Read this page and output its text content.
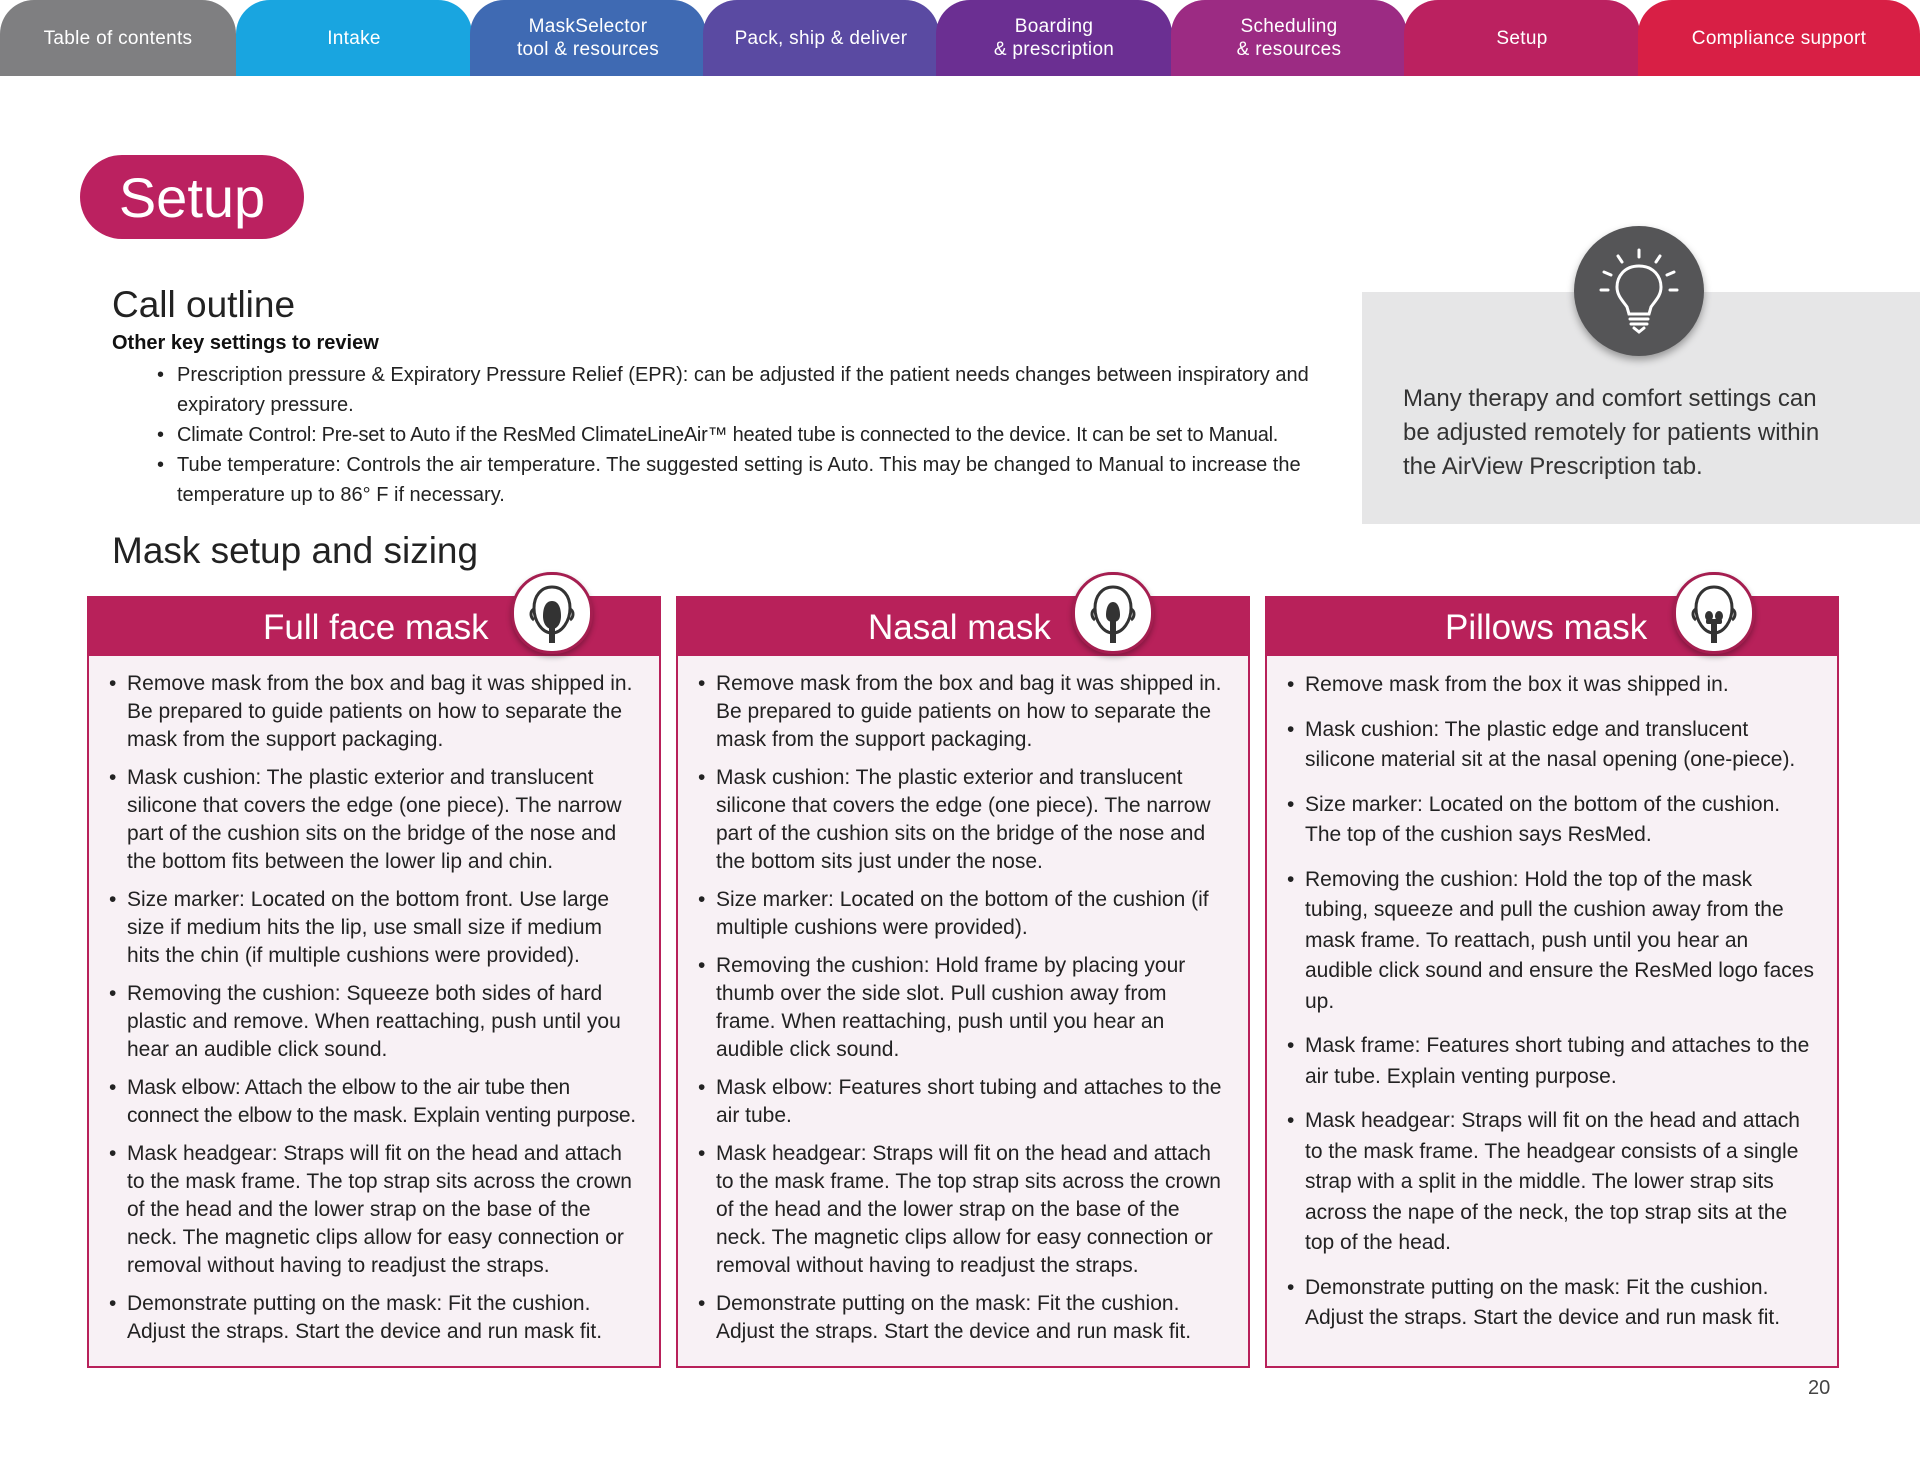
Table of contents	Intake
MaskSelector
tool & resources
Pack, ship & deliver
Boarding
& prescription
Scheduling
& resources
Setup	Compliance support
Setup
Call outline
Other key settings to review
• Prescription pressure & Expiratory Pressure Relief (EPR): can be adjusted if the patient needs changes between inspiratory and expiratory pressure.
• Climate Control: Pre-set to Auto if the ResMed ClimateLineAir™ heated tube is connected to the device. It can be set to Manual.
• Tube temperature: Controls the air temperature. The suggested setting is Auto. This may be changed to Manual to increase the temperature up to 86° F if necessary.
Many therapy and comfort settings can be adjusted remotely for patients within the AirView Prescription tab.
Mask setup and sizing
Full face mask
• Remove mask from the box and bag it was shipped in. Be prepared to guide patients on how to separate the mask from the support packaging.
• Mask cushion: The plastic exterior and translucent silicone that covers the edge (one piece). The narrow part of the cushion sits on the bridge of the nose and the bottom fits between the lower lip and chin.
• Size marker: Located on the bottom front. Use large size if medium hits the lip, use small size if medium hits the chin (if multiple cushions were provided).
• Removing the cushion: Squeeze both sides of hard plastic and remove. When reattaching, push until you hear an audible click sound.
• Mask elbow: Attach the elbow to the air tube then connect the elbow to the mask. Explain venting purpose.
• Mask headgear: Straps will fit on the head and attach to the mask frame. The top strap sits across the crown of the head and the lower strap on the base of the neck. The magnetic clips allow for easy connection or removal without having to readjust the straps.
• Demonstrate putting on the mask: Fit the cushion. Adjust the straps. Start the device and run mask fit.
Nasal mask
• Remove mask from the box and bag it was shipped in. Be prepared to guide patients on how to separate the mask from the support packaging.
• Mask cushion: The plastic exterior and translucent silicone that covers the edge (one piece). The narrow part of the cushion sits on the bridge of the nose and the bottom sits just under the nose.
• Size marker: Located on the bottom of the cushion (if multiple cushions were provided).
• Removing the cushion: Hold frame by placing your thumb over the side slot. Pull cushion away from frame. When reattaching, push until you hear an audible click sound.
• Mask elbow: Features short tubing and attaches to the air tube.
• Mask headgear: Straps will fit on the head and attach to the mask frame. The top strap sits across the crown of the head and the lower strap on the base of the neck. The magnetic clips allow for easy connection or removal without having to readjust the straps.
• Demonstrate putting on the mask: Fit the cushion. Adjust the straps. Start the device and run mask fit.
Pillows mask
• Remove mask from the box it was shipped in.
• Mask cushion: The plastic edge and translucent silicone material sit at the nasal opening (one-piece).
• Size marker: Located on the bottom of the cushion. The top of the cushion says ResMed.
• Removing the cushion: Hold the top of the mask tubing, squeeze and pull the cushion away from the mask frame. To reattach, push until you hear an audible click sound and ensure the ResMed logo faces up.
• Mask frame: Features short tubing and attaches to the air tube. Explain venting purpose.
• Mask headgear: Straps will fit on the head and attach to the mask frame. The headgear consists of a single strap with a split in the middle. The lower strap sits across the nape of the neck, the top strap sits at the top of the head.
• Demonstrate putting on the mask: Fit the cushion. Adjust the straps. Start the device and run mask fit.
20
